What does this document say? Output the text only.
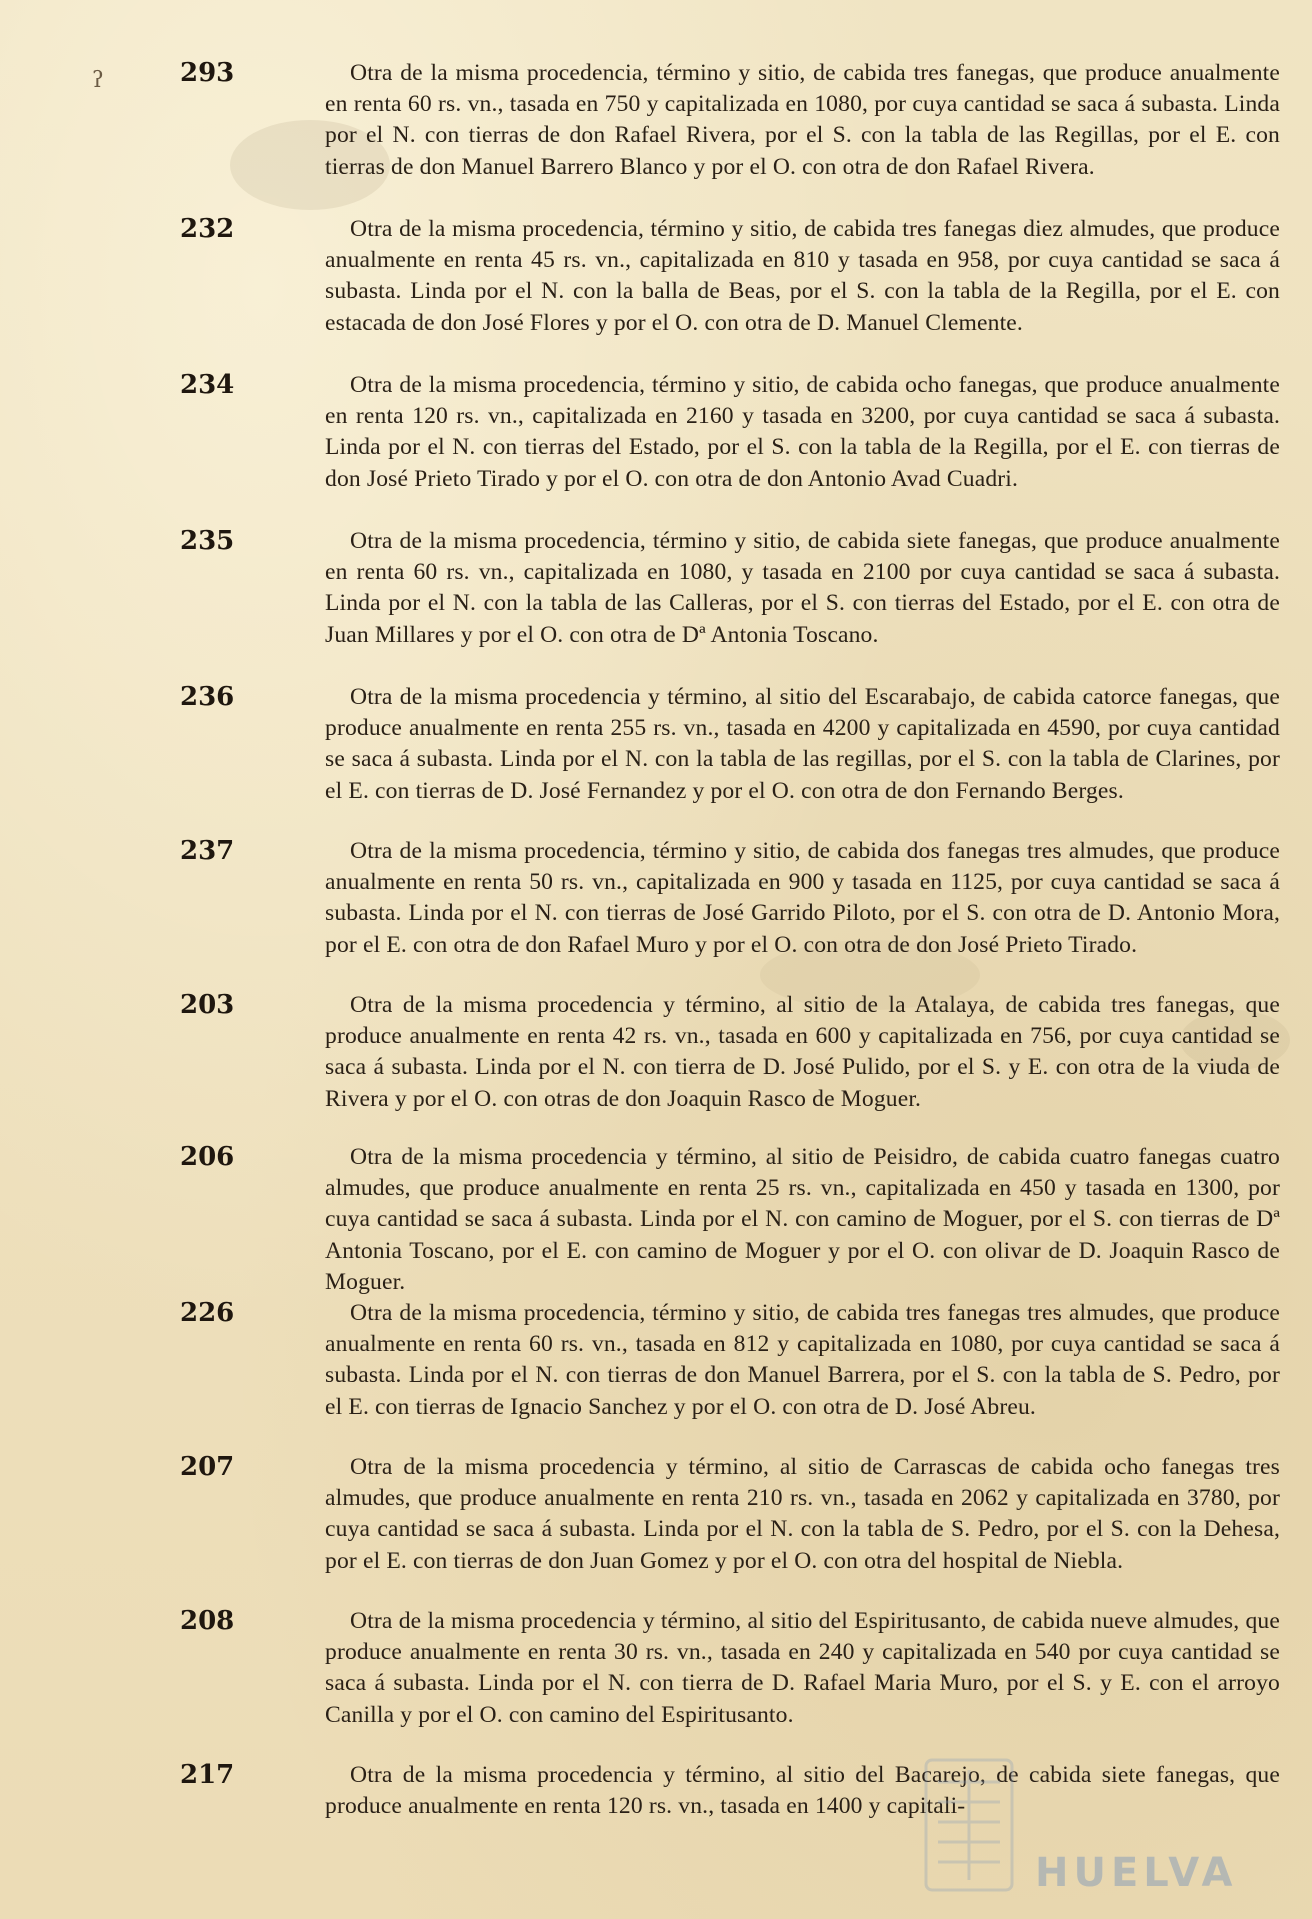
ʔ	293	Otra de la misma procedencia, término y sitio, de cabida tres fanegas, que produce anualmente en renta 60 rs. vn., tasada en 750 y capitalizada en 1080, por cuya cantidad se saca á subasta. Linda por el N. con tierras de don Rafael Rivera, por el S. con la tabla de las Regillas, por el E. con tierras de don Manuel Barrero Blanco y por el O. con otra de don Rafael Rivera.
232	Otra de la misma procedencia, término y sitio, de cabida tres fanegas diez almudes, que produce anualmente en renta 45 rs. vn., capitalizada en 810 y tasada en 958, por cuya cantidad se saca á subasta. Linda por el N. con la balla de Beas, por el S. con la tabla de la Regilla, por el E. con estacada de don José Flores y por el O. con otra de D. Manuel Clemente.
234	Otra de la misma procedencia, término y sitio, de cabida ocho fanegas, que produce anualmente en renta 120 rs. vn., capitalizada en 2160 y tasada en 3200, por cuya cantidad se saca á subasta. Linda por el N. con tierras del Estado, por el S. con la tabla de la Regilla, por el E. con tierras de don José Prieto Tirado y por el O. con otra de don Antonio Avad Cuadri.
235	Otra de la misma procedencia, término y sitio, de cabida siete fanegas, que produce anualmente en renta 60 rs. vn., capitalizada en 1080, y tasada en 2100 por cuya cantidad se saca á subasta. Linda por el N. con la tabla de las Calleras, por el S. con tierras del Estado, por el E. con otra de Juan Millares y por el O. con otra de Dª Antonia Toscano.
236	Otra de la misma procedencia y término, al sitio del Escarabajo, de cabida catorce fanegas, que produce anualmente en renta 255 rs. vn., tasada en 4200 y capitalizada en 4590, por cuya cantidad se saca á subasta. Linda por el N. con la tabla de las regillas, por el S. con la tabla de Clarines, por el E. con tierras de D. José Fernandez y por el O. con otra de don Fernando Berges.
237	Otra de la misma procedencia, término y sitio, de cabida dos fanegas tres almudes, que produce anualmente en renta 50 rs. vn., capitalizada en 900 y tasada en 1125, por cuya cantidad se saca á subasta. Linda por el N. con tierras de José Garrido Piloto, por el S. con otra de D. Antonio Mora, por el E. con otra de don Rafael Muro y por el O. con otra de don José Prieto Tirado.
203	Otra de la misma procedencia y término, al sitio de la Atalaya, de cabida tres fanegas, que produce anualmente en renta 42 rs. vn., tasada en 600 y capitalizada en 756, por cuya cantidad se saca á subasta. Linda por el N. con tierra de D. José Pulido, por el S. y E. con otra de la viuda de Rivera y por el O. con otras de don Joaquin Rasco de Moguer.
206	Otra de la misma procedencia y término, al sitio de Peisidro, de cabida cuatro fanegas cuatro almudes, que produce anualmente en renta 25 rs. vn., capitalizada en 450 y tasada en 1300, por cuya cantidad se saca á subasta. Linda por el N. con camino de Moguer, por el S. con tierras de Dª Antonia Toscano, por el E. con camino de Moguer y por el O. con olivar de D. Joaquin Rasco de Moguer.
226	Otra de la misma procedencia, término y sitio, de cabida tres fanegas tres almudes, que produce anualmente en renta 60 rs. vn., tasada en 812 y capitalizada en 1080, por cuya cantidad se saca á subasta. Linda por el N. con tierras de don Manuel Barrera, por el S. con la tabla de S. Pedro, por el E. con tierras de Ignacio Sanchez y por el O. con otra de D. José Abreu.
207	Otra de la misma procedencia y término, al sitio de Carrascas de cabida ocho fanegas tres almudes, que produce anualmente en renta 210 rs. vn., tasada en 2062 y capitalizada en 3780, por cuya cantidad se saca á subasta. Linda por el N. con la tabla de S. Pedro, por el S. con la Dehesa, por el E. con tierras de don Juan Gomez y por el O. con otra del hospital de Niebla.
208	Otra de la misma procedencia y término, al sitio del Espiritusanto, de cabida nueve almudes, que produce anualmente en renta 30 rs. vn., tasada en 240 y capitalizada en 540 por cuya cantidad se saca á subasta. Linda por el N. con tierra de D. Rafael Maria Muro, por el S. y E. con el arroyo Canilla y por el O. con camino del Espiritusanto.
217	Otra de la misma procedencia y término, al sitio del Bacarejo, de cabida siete fanegas, que produce anualmente en renta 120 rs. vn., tasada en 1400 y capitali-
HUELVA
